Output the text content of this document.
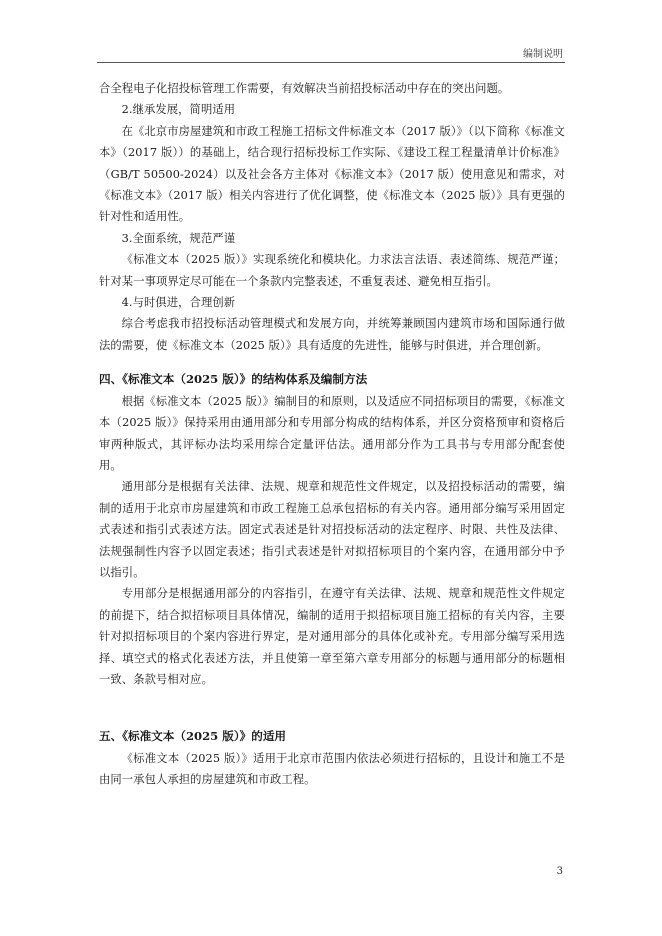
编制说明

合全程电子化招投标管理工作需要，有效解决当前招投标活动中存在的突出问题。

2.继承发展，简明适用

在《北京市房屋建筑和市政工程施工招标文件标准文本（2017 版）》（以下简称《标准文本》（2017 版））的基础上，结合现行招标投标工作实际、《建设工程工程量清单计价标准》（GB/T 50500-2024）以及社会各方主体对《标准文本》（2017 版）使用意见和需求，对《标准文本》（2017 版）相关内容进行了优化调整，使《标准文本（2025 版）》具有更强的针对性和适用性。

3.全面系统，规范严谨

《标准文本（2025 版）》实现系统化和模块化。力求法言法语、表述简练、规范严谨；针对某一事项界定尽可能在一个条款内完整表述，不重复表述、避免相互指引。

4.与时俱进，合理创新

综合考虑我市招投标活动管理模式和发展方向，并统筹兼顾国内建筑市场和国际通行做法的需要，使《标准文本（2025 版）》具有适度的先进性，能够与时俱进，并合理创新。

四、《标准文本（2025 版）》的结构体系及编制方法

根据《标准文本（2025 版）》编制目的和原则，以及适应不同招标项目的需要，《标准文本（2025 版）》保持采用由通用部分和专用部分构成的结构体系，并区分资格预审和资格后审两种版式，其评标办法均采用综合定量评估法。通用部分作为工具书与专用部分配套使用。

通用部分是根据有关法律、法规、规章和规范性文件规定，以及招投标活动的需要，编制的适用于北京市房屋建筑和市政工程施工总承包招标的有关内容。通用部分编写采用固定式表述和指引式表述方法。固定式表述是针对招投标活动的法定程序、时限、共性及法律、法规强制性内容予以固定表述；指引式表述是针对拟招标项目的个案内容，在通用部分中予以指引。

专用部分是根据通用部分的内容指引，在遵守有关法律、法规、规章和规范性文件规定的前提下，结合拟招标项目具体情况，编制的适用于拟招标项目施工招标的有关内容，主要针对拟招标项目的个案内容进行界定，是对通用部分的具体化或补充。专用部分编写采用选择、填空式的格式化表述方法，并且使第一章至第六章专用部分的标题与通用部分的标题相一致、条款号相对应。

五、《标准文本（2025 版）》的适用

《标准文本（2025 版）》适用于北京市范围内依法必须进行招标的，且设计和施工不是由同一承包人承担的房屋建筑和市政工程。

3
